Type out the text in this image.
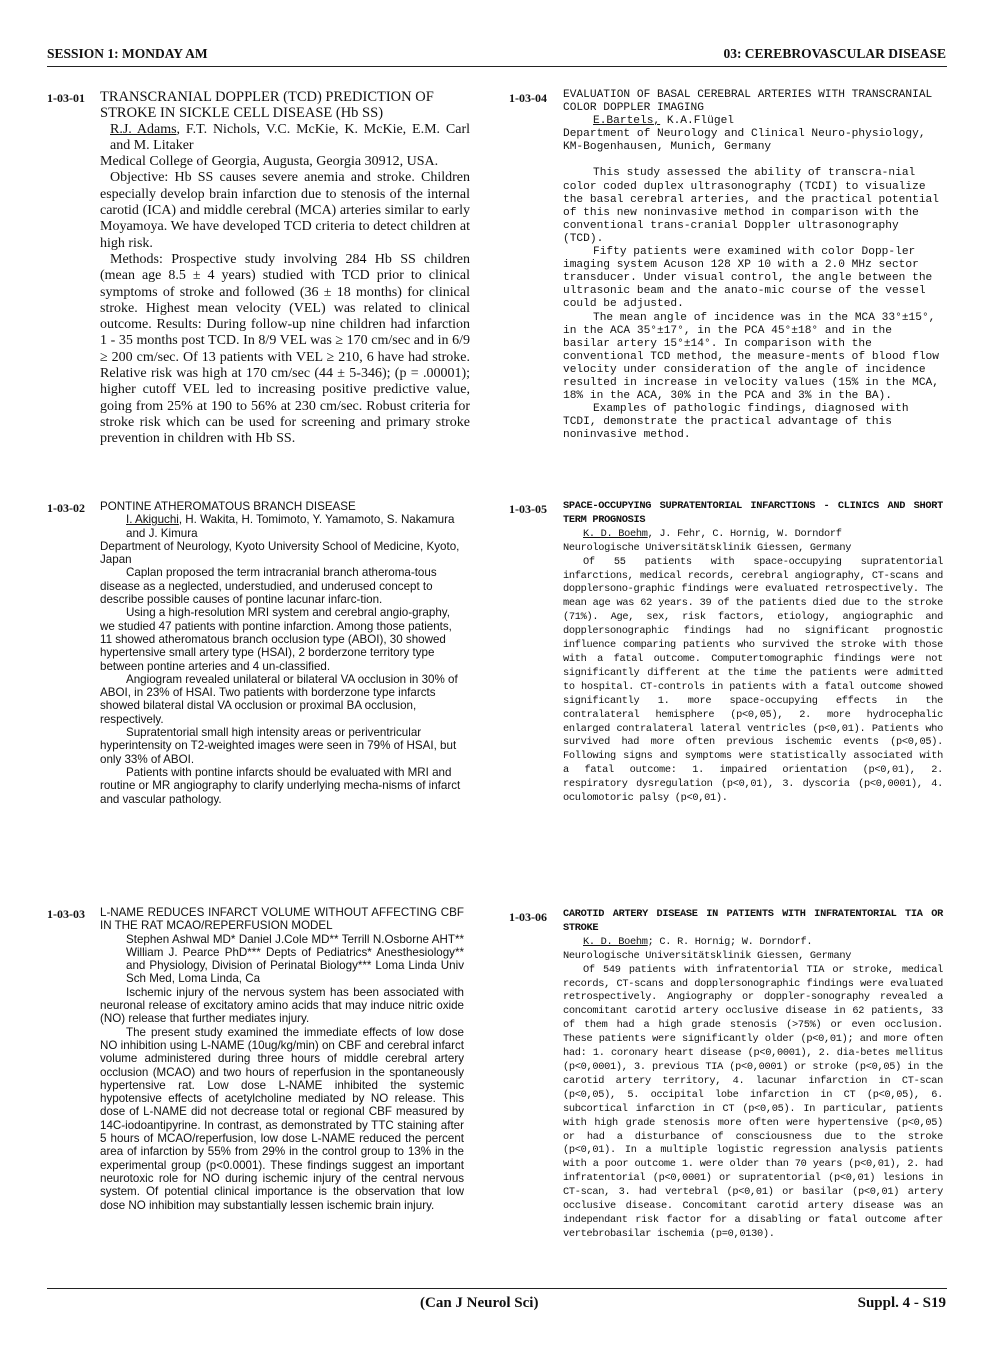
SESSION 1: MONDAY AM	03: CEREBROVASCULAR DISEASE
1-03-01 TRANSCRANIAL DOPPLER (TCD) PREDICTION OF STROKE IN SICKLE CELL DISEASE (Hb SS)

R.J. Adams, F.T. Nichols, V.C. McKie, K. McKie, E.M. Carl and M. Litaker

Medical College of Georgia, Augusta, Georgia 30912, USA.

Objective: Hb SS causes severe anemia and stroke. Children especially develop brain infarction due to stenosis of the internal carotid (ICA) and middle cerebral (MCA) arteries similar to early Moyamoya. We have developed TCD criteria to detect children at high risk.

Methods: Prospective study involving 284 Hb SS children (mean age 8.5 ± 4 years) studied with TCD prior to clinical symptoms of stroke and followed (36 ± 18 months) for clinical stroke. Highest mean velocity (VEL) was related to clinical outcome. Results: During follow-up nine children had infarction 1 - 35 months post TCD. In 8/9 VEL was ≥ 170 cm/sec and in 6/9 ≥ 200 cm/sec. Of 13 patients with VEL ≥ 210, 6 have had stroke. Relative risk was high at 170 cm/sec (44 ± 5-346); (p = .00001); higher cutoff VEL led to increasing positive predictive value, going from 25% at 190 to 56% at 230 cm/sec. Robust criteria for stroke risk which can be used for screening and primary stroke prevention in children with Hb SS.

1-03-04 EVALUATION OF BASAL CEREBRAL ARTERIES WITH TRANSCRANIAL COLOR DOPPLER IMAGING

E.Bartels, K.A.Flügel

Department of Neurology and Clinical Neuro-physiology, KM-Bogenhausen, Munich, Germany

This study assessed the ability of transcra-nial color coded duplex ultrasonography (TCDI) to visualize the basal cerebral arteries, and the practical potential of this new noninvasive method in comparison with the conventional trans-cranial Doppler ultrasonography (TCD).

Fifty patients were examined with color Dopp-ler imaging system Acuson 128 XP 10 with a 2.0 MHz sector transducer. Under visual control, the angle between the ultrasonic beam and the anato-mic course of the vessel could be adjusted.

The mean angle of incidence was in the MCA 33°±15°, in the ACA 35°±17°, in the PCA 45°±18° and in the basilar artery 15°±14°. In comparison with the conventional TCD method, the measure-ments of blood flow velocity under consideration of the angle of incidence resulted in increase in velocity values (15% in the MCA, 18% in the ACA, 30% in the PCA and 3% in the BA).

Examples of pathologic findings, diagnosed with TCDI, demonstrate the practical advantage of this noninvasive method.

1-03-02 PONTINE ATHEROMATOUS BRANCH DISEASE

I. Akiguchi, H. Wakita, H. Tomimoto, Y. Yamamoto, S. Nakamura and J. Kimura

Department of Neurology, Kyoto University School of Medicine, Kyoto, Japan

Caplan proposed the term intracranial branch atheroma-tous disease as a neglected, understudied, and underused concept to describe possible causes of pontine lacunar infarc-tion.

Using a high-resolution MRI system and cerebral angio-graphy, we studied 47 patients with pontine infarction. Among those patients, 11 showed atheromatous branch occlusion type (ABOI), 30 showed hypertensive small artery type (HSAI), 2 borderzone territory type between pontine arteries and 4 un-classified.

Angiogram revealed unilateral or bilateral VA occlusion in 30% of ABOI, in 23% of HSAI. Two patients with borderzone type infarcts showed bilateral distal VA occlusion or proximal BA occlusion, respectively.

Supratentorial small high intensity areas or periventricular hyperintensity on T2-weighted images were seen in 79% of HSAI, but only 33% of ABOI.

Patients with pontine infarcts should be evaluated with MRI and routine or MR angiography to clarify underlying mecha-nisms of infarct and vascular pathology.

1-03-05 SPACE-OCCUPYING SUPRATENTORIAL INFARCTIONS - CLINICS AND SHORT TERM PROGNOSIS

K. D. Boehm, J. Fehr, C. Hornig, W. Dorndorf

Neurologische Universitätsklinik Giessen, Germany

Of 55 patients with space-occupying supratentorial infarctions, medical records, cerebral angiography, CT-scans and dopplersono-graphic findings were evaluated retrospectively. The mean age was 62 years. 39 of the patients died due to the stroke (71%). Age, sex, risk factors, etiology, angiographic and dopplersonographic findings had no significant prognostic influence comparing patients who survived the stroke with those with a fatal outcome. Computertomographic findings were not significantly different at the time the patients were admitted to hospital. CT-controls in patients with a fatal outcome showed significantly 1. more space-occupying effects in the contralateral hemisphere (p<0,05), 2. more hydrocephalic enlarged contralateral lateral ventricles (p<0,01). Patients who survived had more often previous ischemic events (p<0,05). Following signs and symptoms were statistically associated with a fatal outcome: 1. impaired orientation (p<0,01), 2. respiratory dysregulation (p<0,01), 3. dyscoria (p<0,0001), 4. oculomotoric palsy (p<0,01).

1-03-03 L-NAME REDUCES INFARCT VOLUME WITHOUT AFFECTING CBF IN THE RAT MCAO/REPERFUSION MODEL

Stephen Ashwal MD* Daniel J.Cole MD** Terrill N.Osborne AHT** William J. Pearce PhD*** Depts of Pediatrics* Anesthesiology** and Physiology, Division of Perinatal Biology*** Loma Linda Univ Sch Med, Loma Linda, Ca

Ischemic injury of the nervous system has been associated with neuronal release of excitatory amino acids that may induce nitric oxide (NO) release that further mediates injury.

The present study examined the immediate effects of low dose NO inhibition using L-NAME (10ug/kg/min) on CBF and cerebral infarct volume administered during three hours of middle cerebral artery occlusion (MCAO) and two hours of reperfusion in the spontaneously hypertensive rat. Low dose L-NAME inhibited the systemic hypotensive effects of acetylcholine mediated by NO release. This dose of L-NAME did not decrease total or regional CBF measured by 14C-iodoantipyrine. In contrast, as demonstrated by TTC staining after 5 hours of MCAO/reperfusion, low dose L-NAME reduced the percent area of infarction by 55% from 29% in the control group to 13% in the experimental group (p<0.0001). These findings suggest an important neurotoxic role for NO during ischemic injury of the central nervous system. Of potential clinical importance is the observation that low dose NO inhibition may substantially lessen ischemic brain injury.

1-03-06 CAROTID ARTERY DISEASE IN PATIENTS WITH INFRATENTORIAL TIA OR STROKE

K. D. Boehm; C. R. Hornig; W. Dorndorf.

Neurologische Universitätsklinik Giessen, Germany

Of 549 patients with infratentorial TIA or stroke, medical records, CT-scans and dopplersonographic findings were evaluated retrospectively. Angiography or doppler-sonography revealed a concomitant carotid artery occlusive disease in 62 patients, 33 of them had a high grade stenosis (>75%) or even occlusion. These patients were significantly older (p<0,01); and more often had: 1. coronary heart disease (p<0,0001), 2. dia-betes mellitus (p<0,0001), 3. previous TIA (p<0,0001) or stroke (p<0,05) in the carotid artery territory, 4. lacunar infarction in CT-scan (p<0,05), 5. occipital lobe infarction in CT (p<0,05), 6. subcortical infarction in CT (p<0,05). In particular, patients with high grade stenosis more often were hypertensive (p<0,05) or had a disturbance of consciousness due to the stroke (p<0,01). In a multiple logistic regression analysis patients with a poor outcome 1. were older than 70 years (p<0,01), 2. had infratentorial (p<0,0001) or supratentorial (p<0,01) lesions in CT-scan, 3. had vertebral (p<0,01) or basilar (p<0,01) artery occlusive disease. Concomitant carotid artery disease was an independant risk factor for a disabling or fatal outcome after vertebrobasilar ischemia (p=0,0130).

(Can J Neurol Sci)	Suppl. 4 - S19
